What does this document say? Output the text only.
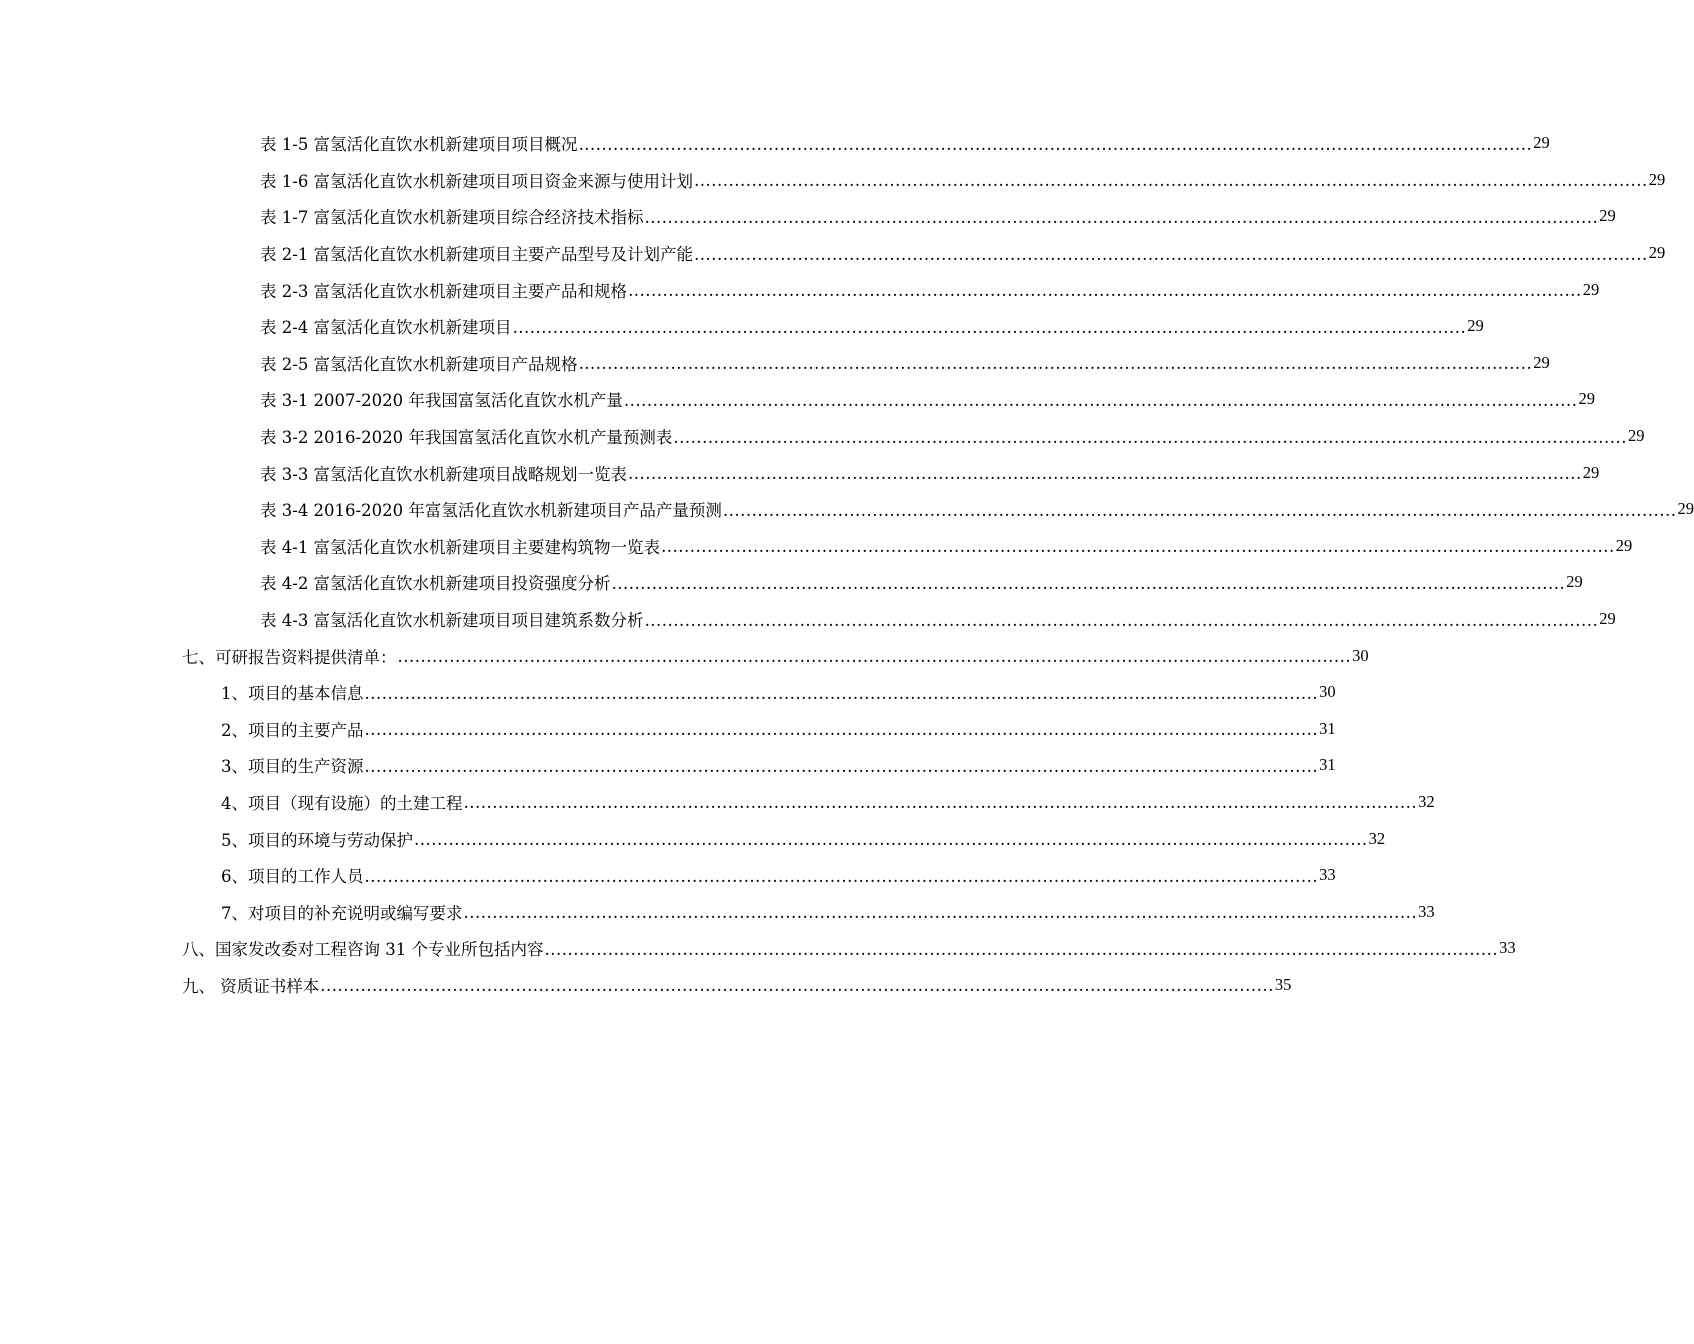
表 1-5 富氢活化直饮水机新建项目项目概况 ...................................................................................................................................................................... 29
表 1-6 富氢活化直饮水机新建项目项目资金来源与使用计划 ...................................................................................................................................................................... 29
表 1-7 富氢活化直饮水机新建项目综合经济技术指标 ...................................................................................................................................................................... 29
表 2-1 富氢活化直饮水机新建项目主要产品型号及计划产能 ...................................................................................................................................................................... 29
表 2-3 富氢活化直饮水机新建项目主要产品和规格 ...................................................................................................................................................................... 29
表 2-4 富氢活化直饮水机新建项目 ...................................................................................................................................................................... 29
表 2-5 富氢活化直饮水机新建项目产品规格 ...................................................................................................................................................................... 29
表 3-1 2007-2020 年我国富氢活化直饮水机产量 ...................................................................................................................................................................... 29
表 3-2 2016-2020 年我国富氢活化直饮水机产量预测表 ...................................................................................................................................................................... 29
表 3-3 富氢活化直饮水机新建项目战略规划一览表 ...................................................................................................................................................................... 29
表 3-4 2016-2020 年富氢活化直饮水机新建项目产品产量预测 ...................................................................................................................................................................... 29
表 4-1 富氢活化直饮水机新建项目主要建构筑物一览表 ...................................................................................................................................................................... 29
表 4-2 富氢活化直饮水机新建项目投资强度分析 ...................................................................................................................................................................... 29
表 4-3 富氢活化直饮水机新建项目项目建筑系数分析 ...................................................................................................................................................................... 29
七、可研报告资料提供清单： ...................................................................................................................................................................... 30
1、项目的基本信息 ...................................................................................................................................................................... 30
2、项目的主要产品 ...................................................................................................................................................................... 31
3、项目的生产资源 ...................................................................................................................................................................... 31
4、项目（现有设施）的土建工程 ...................................................................................................................................................................... 32
5、项目的环境与劳动保护 ...................................................................................................................................................................... 32
6、项目的工作人员 ...................................................................................................................................................................... 33
7、对项目的补充说明或编写要求 ...................................................................................................................................................................... 33
八、国家发改委对工程咨询 31 个专业所包括内容 ...................................................................................................................................................................... 33
九、 资质证书样本 ...................................................................................................................................................................... 35
